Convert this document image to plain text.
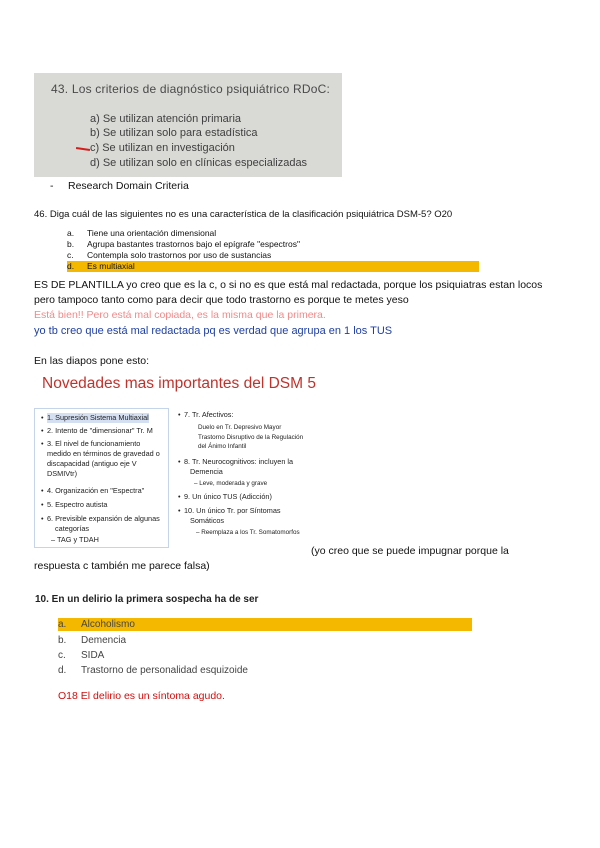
43. Los criterios de diagnóstico psiquiátrico RDoC:
a) Se utilizan atención primaria
b) Se utilizan solo para estadística
c) Se utilizan en investigación
d) Se utilizan solo en clínicas especializadas
- Research Domain Criteria
46. Diga cuál de las siguientes no es una característica de la clasificación psiquiátrica DSM-5? O20
a. Tiene una orientación dimensional
b. Agrupa bastantes trastornos bajo el epígrafe "espectros"
c. Contempla solo trastornos por uso de sustancias
d. Es multiaxial
ES DE PLANTILLA yo creo que es la c, o si no es que está mal redactada, porque los psiquiatras estan locos pero tampoco tanto como para decir que todo trastorno es porque te metes yeso
Está bien!! Pero está mal copiada, es la misma que la primera.
yo tb creo que está mal redactada pq es verdad que agrupa en 1 los TUS
En las diapos pone esto:
Novedades mas importantes del DSM 5
• 1. Supresión Sistema Multiaxial
• 2. Intento de "dimensionar" Tr. M
• 3. El nivel de funcionamiento
medido en términos de gravedad o
discapacidad (antiguo eje V
DSMIVtr)
• 4. Organización en "Espectra"
• 5. Espectro autista
• 6. Previsible expansión de algunas
categorías
– TAG y TDAH
• 7. Tr. Afectivos:
Duelo en Tr. Depresivo Mayor
Trastorno Disruptivo de la Regulación
del Ánimo Infantil
• 8. Tr. Neurocognitivos: incluyen la
Demencia
– Leve, moderada y grave
• 9. Un único TUS (Adicción)
• 10. Un único Tr. por Síntomas
Somáticos
– Reemplaza a los Tr. Somatomorfos
(yo creo que se puede impugnar porque la
respuesta c también me parece falsa)
10. En un delirio la primera sospecha ha de ser
a. Alcoholismo
b. Demencia
c. SIDA
d. Trastorno de personalidad esquizoide
O18 El delirio es un síntoma agudo.
